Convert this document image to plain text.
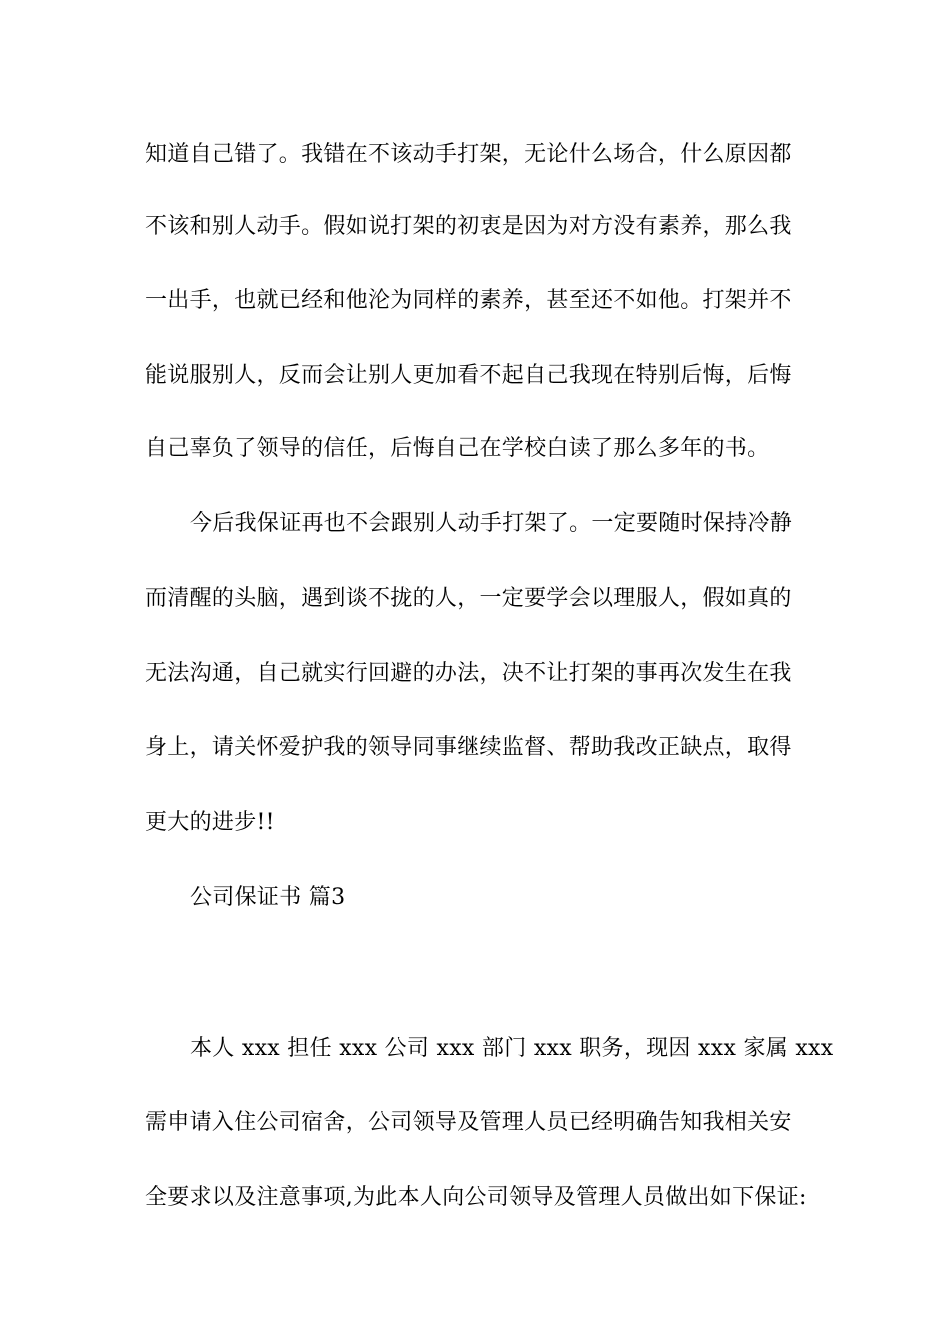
知道自己错了。我错在不该动手打架，无论什么场合，什么原因都
不该和别人动手。假如说打架的初衷是因为对方没有素养，那么我
一出手，也就已经和他沦为同样的素养，甚至还不如他。打架并不
能说服别人，反而会让别人更加看不起自己我现在特别后悔，后悔
自己辜负了领导的信任，后悔自己在学校白读了那么多年的书。
今后我保证再也不会跟别人动手打架了。一定要随时保持冷静
而清醒的头脑，遇到谈不拢的人，一定要学会以理服人，假如真的
无法沟通，自己就实行回避的办法，决不让打架的事再次发生在我
身上，请关怀爱护我的领导同事继续监督、帮助我改正缺点，取得
更大的进步!!
公司保证书 篇3
本人 xxx 担任 xxx 公司 xxx 部门 xxx 职务，现因 xxx 家属 xxx
需申请入住公司宿舍，公司领导及管理人员已经明确告知我相关安
全要求以及注意事项,为此本人向公司领导及管理人员做出如下保证:
